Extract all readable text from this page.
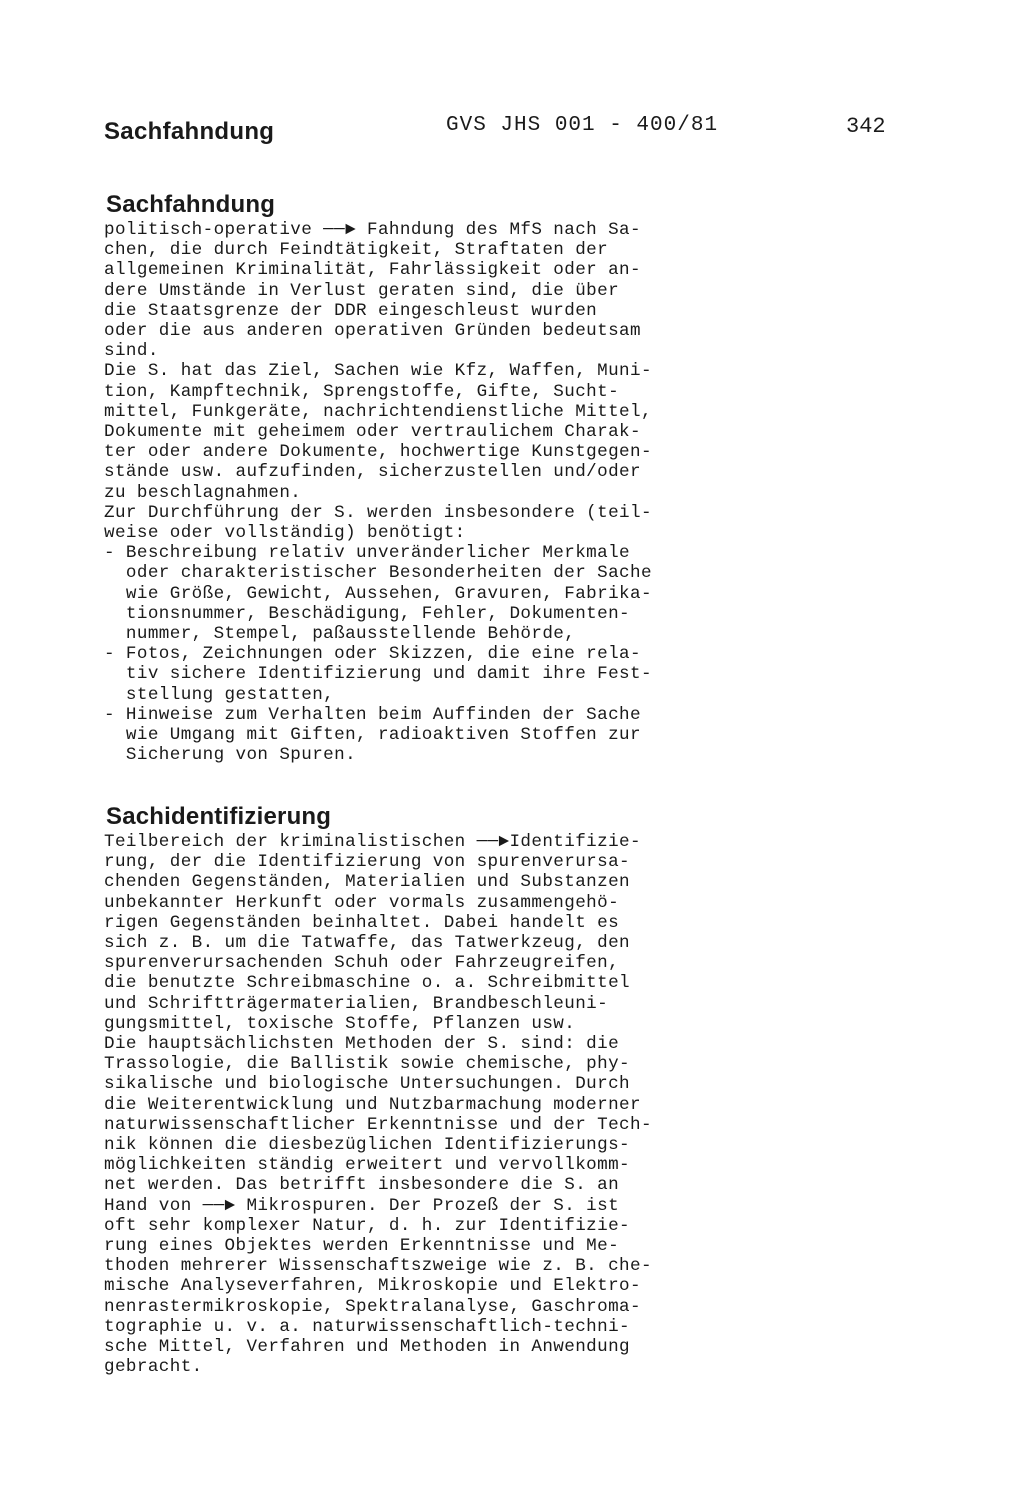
Sachfahndung	GVS JHS 001 - 400/81	342
Sachfahndung

politisch-operative ──► Fahndung des MfS nach Sa-
chen, die durch Feindtätigkeit, Straftaten der
allgemeinen Kriminalität, Fahrlässigkeit oder an-
dere Umstände in Verlust geraten sind, die über
die Staatsgrenze der DDR eingeschleust wurden
oder die aus anderen operativen Gründen bedeutsam
sind.
Die S. hat das Ziel, Sachen wie Kfz, Waffen, Muni-
tion, Kampftechnik, Sprengstoffe, Gifte, Sucht-
mittel, Funkgeräte, nachrichtendienstliche Mittel,
Dokumente mit geheimem oder vertraulichem Charak-
ter oder andere Dokumente, hochwertige Kunstgegen-
stände usw. aufzufinden, sicherzustellen und/oder
zu beschlagnahmen.
Zur Durchführung der S. werden insbesondere (teil-
weise oder vollständig) benötigt:
- Beschreibung relativ unveränderlicher Merkmale
oder charakteristischer Besonderheiten der Sache
wie Größe, Gewicht, Aussehen, Gravuren, Fabrika-
tionsnummer, Beschädigung, Fehler, Dokumenten-
nummer, Stempel, paßausstellende Behörde,
- Fotos, Zeichnungen oder Skizzen, die eine rela-
tiv sichere Identifizierung und damit ihre Fest-
stellung gestatten,
- Hinweise zum Verhalten beim Auffinden der Sache
wie Umgang mit Giften, radioaktiven Stoffen zur
Sicherung von Spuren.

Sachidentifizierung

Teilbereich der kriminalistischen ──►Identifizie-
rung, der die Identifizierung von spurenverursa-
chenden Gegenständen, Materialien und Substanzen
unbekannter Herkunft oder vormals zusammengehö-
rigen Gegenständen beinhaltet. Dabei handelt es
sich z. B. um die Tatwaffe, das Tatwerkzeug, den
spurenverursachenden Schuh oder Fahrzeugreifen,
die benutzte Schreibmaschine o. a. Schreibmittel
und Schriftträgermaterialien, Brandbeschleuni-
gungsmittel, toxische Stoffe, Pflanzen usw.
Die hauptsächlichsten Methoden der S. sind: die
Trassologie, die Ballistik sowie chemische, phy-
sikalische und biologische Untersuchungen. Durch
die Weiterentwicklung und Nutzbarmachung moderner
naturwissenschaftlicher Erkenntnisse und der Tech-
nik können die diesbezüglichen Identifizierungs-
möglichkeiten ständig erweitert und vervollkomm-
net werden. Das betrifft insbesondere die S. an
Hand von ──► Mikrospuren. Der Prozeß der S. ist
oft sehr komplexer Natur, d. h. zur Identifizie-
rung eines Objektes werden Erkenntnisse und Me-
thoden mehrerer Wissenschaftszweige wie z. B. che-
mische Analyseverfahren, Mikroskopie und Elektro-
nenrastermikroskopie, Spektralanalyse, Gaschroma-
tographie u. v. a. naturwissenschaftlich-techni-
sche Mittel, Verfahren und Methoden in Anwendung
gebracht.
